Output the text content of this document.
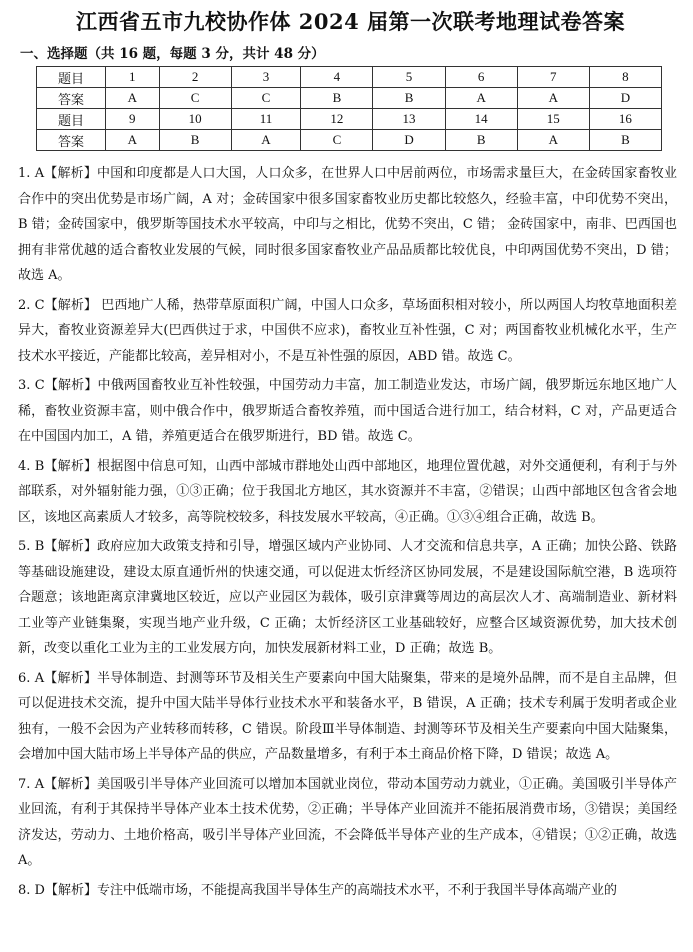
江西省五市九校协作体 2024 届第一次联考地理试卷答案
一、选择题（共 16 题，每题 3 分，共计 48 分）
题目	1	2	3	4	5	6	7	8
答案	A	C	C	B	B	A	A	D
题目	9	10	11	12	13	14	15	16
答案	A	B	A	C	D	B	A	B

1. A【解析】中国和印度都是人口大国，人口众多，在世界人口中居前两位，市场需求量巨大，在金砖国家畜牧业合作中的突出优势是市场广阔，A 对；金砖国家中很多国家畜牧业历史都比较悠久，经验丰富，中印优势不突出，B 错；金砖国家中，俄罗斯等国技术水平较高，中印与之相比，优势不突出，C 错； 金砖国家中，南非、巴西国也拥有非常优越的适合畜牧业发展的气候，同时很多国家畜牧业产品品质都比较优良，中印两国优势不突出，D 错；故选 A。

2. C【解析】 巴西地广人稀，热带草原面积广阔，中国人口众多，草场面积相对较小，所以两国人均牧草地面积差异大，畜牧业资源差异大(巴西供过于求，中国供不应求)，畜牧业互补性强，C 对；两国畜牧业机械化水平，生产技术水平接近，产能都比较高，差异相对小，不是互补性强的原因，ABD 错。故选 C。

3. C【解析】中俄两国畜牧业互补性较强，中国劳动力丰富，加工制造业发达，市场广阔，俄罗斯远东地区地广人稀，畜牧业资源丰富，则中俄合作中，俄罗斯适合畜牧养殖，而中国适合进行加工，结合材料，C 对，产品更适合在中国国内加工，A 错，养殖更适合在俄罗斯进行，BD 错。故选 C。

4. B【解析】根据图中信息可知，山西中部城市群地处山西中部地区，地理位置优越，对外交通便利，有利于与外部联系，对外辐射能力强，①③正确；位于我国北方地区，其水资源并不丰富，②错误；山西中部地区包含省会地区，该地区高素质人才较多，高等院校较多，科技发展水平较高，④正确。①③④组合正确，故选 B。

5. B【解析】政府应加大政策支持和引导，增强区域内产业协同、人才交流和信息共享，A 正确；加快公路、铁路等基础设施建设，建设太原直通忻州的快速交通，可以促进太忻经济区协同发展，不是建设国际航空港，B 选项符合题意；该地距离京津冀地区较近，应以产业园区为载体，吸引京津冀等周边的高层次人才、高端制造业、新材料工业等产业链集聚，实现当地产业升级，C 正确；太忻经济区工业基础较好，应整合区域资源优势，加大技术创新，改变以重化工业为主的工业发展方向，加快发展新材料工业，D 正确；故选 B。

6. A【解析】半导体制造、封测等环节及相关生产要素向中国大陆聚集，带来的是境外品牌，而不是自主品牌，但可以促进技术交流，提升中国大陆半导体行业技术水平和装备水平，B 错误，A 正确；技术专利属于发明者或企业独有，一般不会因为产业转移而转移，C 错误。阶段Ⅲ半导体制造、封测等环节及相关生产要素向中国大陆聚集，会增加中国大陆市场上半导体产品的供应，产品数量增多，有利于本土商品价格下降，D 错误；故选 A。

7. A【解析】美国吸引半导体产业回流可以增加本国就业岗位，带动本国劳动力就业，①正确。美国吸引半导体产业回流，有利于其保持半导体产业本土技术优势，②正确；半导体产业回流并不能拓展消费市场，③错误；美国经济发达，劳动力、土地价格高，吸引半导体产业回流，不会降低半导体产业的生产成本，④错误；①②正确，故选 A。

8. D【解析】专注中低端市场，不能提高我国半导体生产的高端技术水平，不利于我国半导体高端产业的
